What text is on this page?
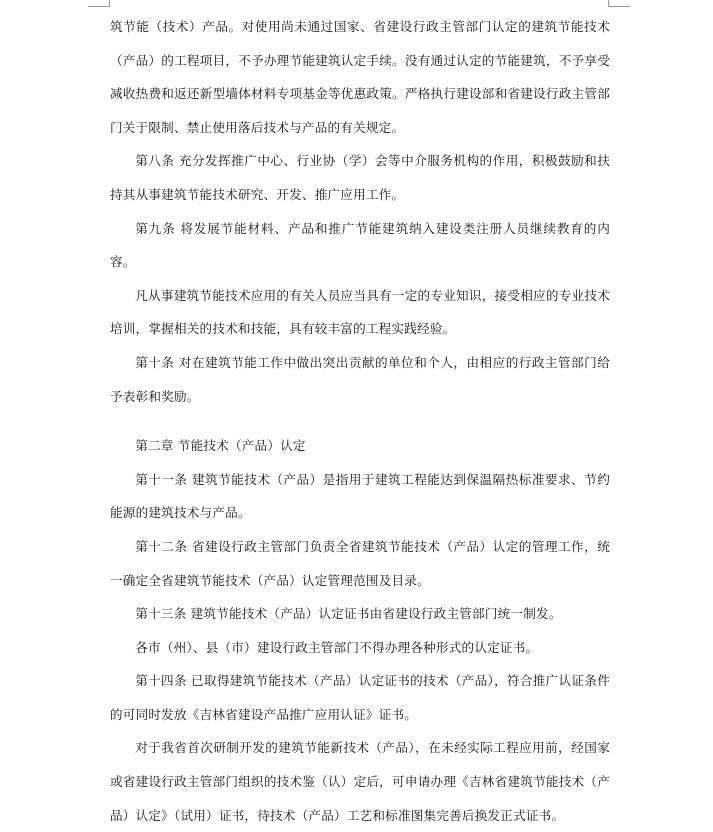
筑节能（技术）产品。对使用尚未通过国家、省建设行政主管部门认定的建筑节能技术（产品）的工程项目，不予办理节能建筑认定手续。没有通过认定的节能建筑，不予享受减收热费和返还新型墙体材料专项基金等优惠政策。严格执行建设部和省建设行政主管部门关于限制、禁止使用落后技术与产品的有关规定。

第八条 充分发挥推广中心、行业协（学）会等中介服务机构的作用，积极鼓励和扶持其从事建筑节能技术研究、开发、推广应用工作。

第九条 将发展节能材料、产品和推广节能建筑纳入建设类注册人员继续教育的内容。

凡从事建筑节能技术应用的有关人员应当具有一定的专业知识，接受相应的专业技术培训，掌握相关的技术和技能，具有较丰富的工程实践经验。

第十条 对在建筑节能工作中做出突出贡献的单位和个人，由相应的行政主管部门给予表彰和奖励。

第二章 节能技术（产品）认定

第十一条 建筑节能技术（产品）是指用于建筑工程能达到保温隔热标准要求、节约能源的建筑技术与产品。

第十二条 省建设行政主管部门负责全省建筑节能技术（产品）认定的管理工作，统一确定全省建筑节能技术（产品）认定管理范围及目录。

第十三条 建筑节能技术（产品）认定证书由省建设行政主管部门统一制发。

各市（州）、县（市）建设行政主管部门不得办理各种形式的认定证书。

第十四条 已取得建筑节能技术（产品）认定证书的技术（产品），符合推广认证条件的可同时发放《吉林省建设产品推广应用认证》证书。

对于我省首次研制开发的建筑节能新技术（产品），在未经实际工程应用前，经国家或省建设行政主管部门组织的技术鉴（认）定后，可申请办理《吉林省建筑节能技术（产品）认定》（试用）证书，待技术（产品）工艺和标准图集完善后换发正式证书。
